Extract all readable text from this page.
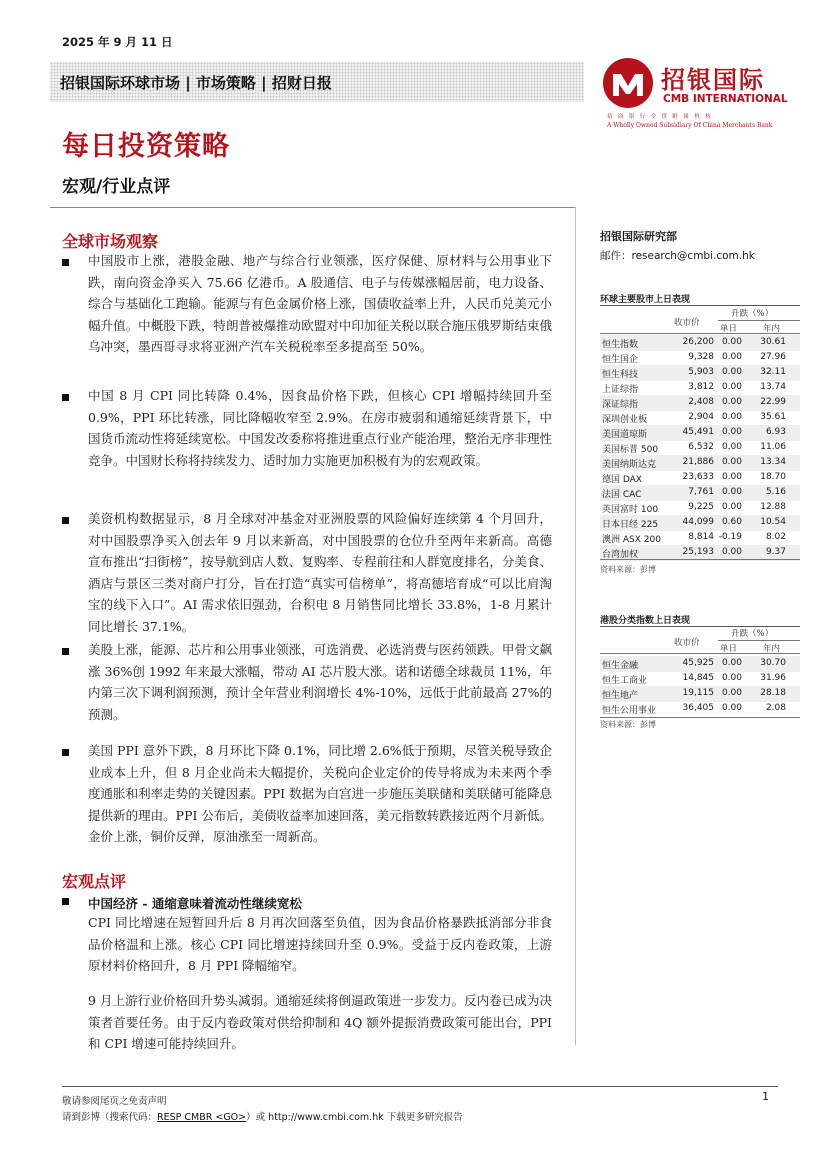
2025 年 9 月 11 日
招银国际环球市场 | 市场策略 | 招财日报	招银国际
CMB INTERNATIONAL
招商银行全资附属机构
A Wholly Owned Subsidiary Of China Merchants Bank
每日投资策略
宏观/行业点评
全球市场观察
中国股市上涨，港股金融、地产与综合行业领涨，医疗保健、原材料与公用事业下跌，南向资金净买入 75.66 亿港币。A 股通信、电子与传媒涨幅居前，电力设备、综合与基础化工跑输。能源与有色金属价格上涨，国债收益率上升，人民币兑美元小幅升值。中概股下跌，特朗普被爆推动欧盟对中印加征关税以联合施压俄罗斯结束俄乌冲突，墨西哥寻求将亚洲产汽车关税税率至多提高至 50%。
中国 8 月 CPI 同比转降 0.4%，因食品价格下跌，但核心 CPI 增幅持续回升至 0.9%，PPI 环比转涨，同比降幅收窄至 2.9%。在房市疲弱和通缩延续背景下，中国货币流动性将延续宽松。中国发改委称将推进重点行业产能治理，整治无序非理性竞争。中国财长称将持续发力、适时加力实施更加积极有为的宏观政策。
美资机构数据显示，8 月全球对冲基金对亚洲股票的风险偏好连续第 4 个月回升，对中国股票净买入创去年 9 月以来新高，对中国股票的仓位升至两年来新高。高德宣布推出“扫街榜”，按导航到店人数、复购率、专程前往和人群宽度排名，分美食、酒店与景区三类对商户打分，旨在打造“真实可信榜单”，将高德培育成“可以比肩淘宝的线下入口”。AI 需求依旧强劲，台积电 8 月销售同比增长 33.8%，1-8 月累计同比增长 37.1%。
美股上涨，能源、芯片和公用事业领涨，可选消费、必选消费与医药领跌。甲骨文飙涨 36%创 1992 年来最大涨幅，带动 AI 芯片股大涨。诺和诺德全球裁员 11%，年内第三次下调利润预测，预计全年营业利润增长 4%-10%，远低于此前最高 27%的预测。
美国 PPI 意外下跌，8 月环比下降 0.1%，同比增 2.6%低于预期，尽管关税导致企业成本上升，但 8 月企业尚未大幅提价，关税向企业定价的传导将成为未来两个季度通胀和利率走势的关键因素。PPI 数据为白宫进一步施压美联储和美联储可能降息提供新的理由。PPI 公布后，美债收益率加速回落，美元指数转跌接近两个月新低。金价上涨，铜价反弹，原油涨至一周新高。
宏观点评
中国经济 - 通缩意味着流动性继续宽松
CPI 同比增速在短暂回升后 8 月再次回落至负值，因为食品价格暴跌抵消部分非食品价格温和上涨。核心 CPI 同比增速持续回升至 0.9%。受益于反内卷政策，上游原材料价格回升，8 月 PPI 降幅缩窄。
9 月上游行业价格回升势头减弱。通缩延续将倒逼政策进一步发力。反内卷已成为决策者首要任务。由于反内卷政策对供给抑制和 4Q 额外提振消费政策可能出台，PPI 和 CPI 增速可能持续回升。
招银国际研究部
邮件：research@cmbi.com.hk
环球主要股市上日表现
收市价
升跌（%）
单日	年内
恒生指数	26,200 0.00	30.61
恒生国企	9,328 0.00	27.96
恒生科技	5,903 0.00	32.11
上证综指	3,812 0.00	13.74
深证综指	2,408 0.00	22.99
深圳创业板	2,904 0.00	35.61
美国道琼斯	45,491 0.00	6.93
美国标普 500	6,532 0.00	11.06
美国纳斯达克	21,886 0.00	13.34
德国 DAX	23,633 0.00	18.70
法国 CAC	7,761 0.00	5.16
英国富时 100	9,225 0.00	12.88
日本日经 225	44,099 0.60	10.54
澳洲 ASX 200	8,814 -0.19	8.02
台湾加权	25,193 0.00	9.37
资料来源：彭博
港股分类指数上日表现
收市价
升跌（%）
单日	年内
恒生金融	45,925 0.00	30.70
恒生工商业	14,845 0.00	31.96
恒生地产	19,115 0.00	28.18
恒生公用事业	36,405 0.00	2.08
资料来源：彭博
敬请参阅尾页之免责声明
请到彭博（搜索代码：RESP CMBR <GO>）或 http://www.cmbi.com.hk 下载更多研究报告
1
